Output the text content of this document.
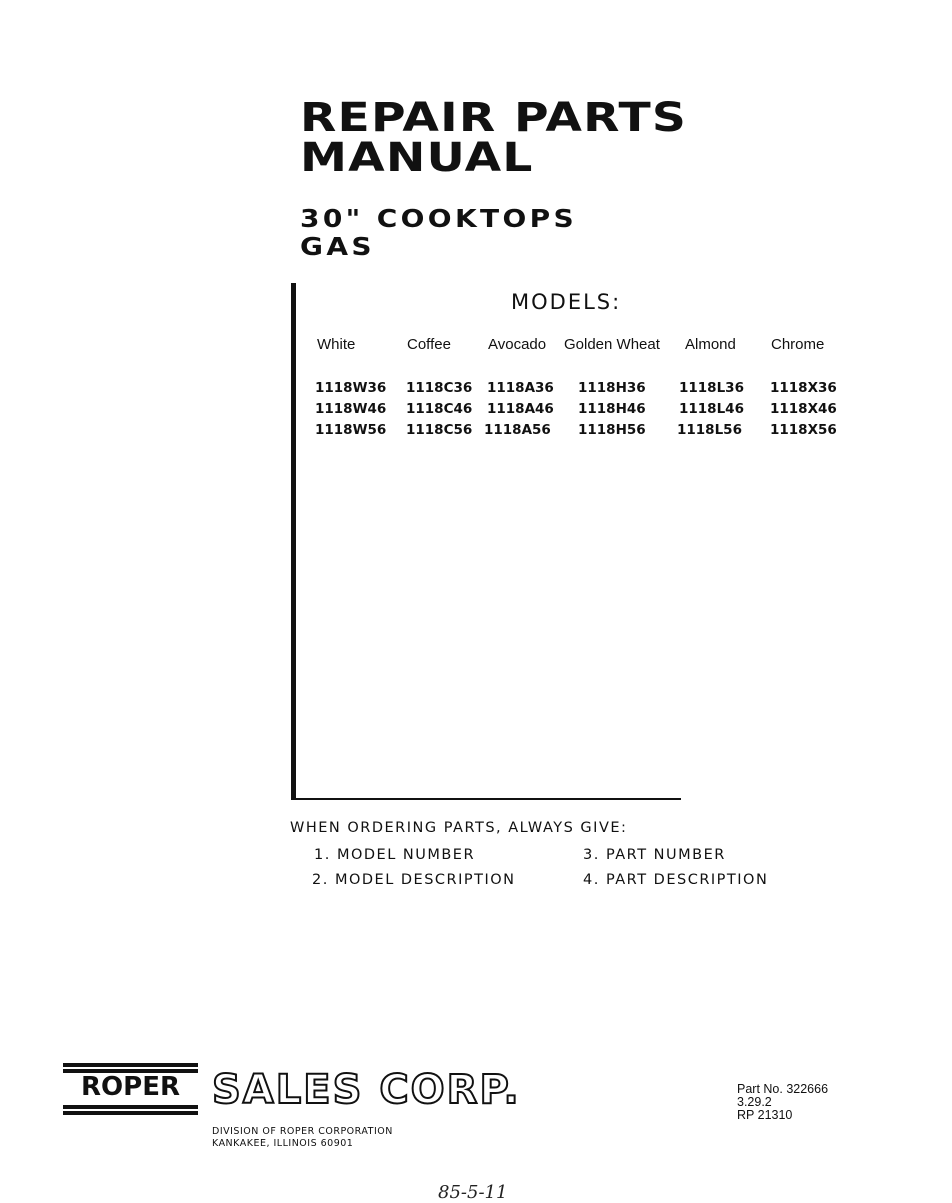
REPAIR PARTS
MANUAL
30" COOKTOPS
GAS
MODELS:
White	Coffee Avocado Golden Wheat Almond Chrome
1118W36
1118W46
1118W56
1118C36
1118C46
1118C56
1118A36
1118A46
1118A56
1118H36
1118H46
1118H56
1118L36
1118L46
1118L56
1118X36
1118X46
1118X56
WHEN ORDERING PARTS, ALWAYS GIVE:
1. MODEL NUMBER
2. MODEL DESCRIPTION
3. PART NUMBER
4. PART DESCRIPTION
ROPER SALES CORP.
DIVISION OF ROPER CORPORATION
KANKAKEE, ILLINOIS 60901
Part No. 322666
3.29.2
RP 21310
85-5-11
